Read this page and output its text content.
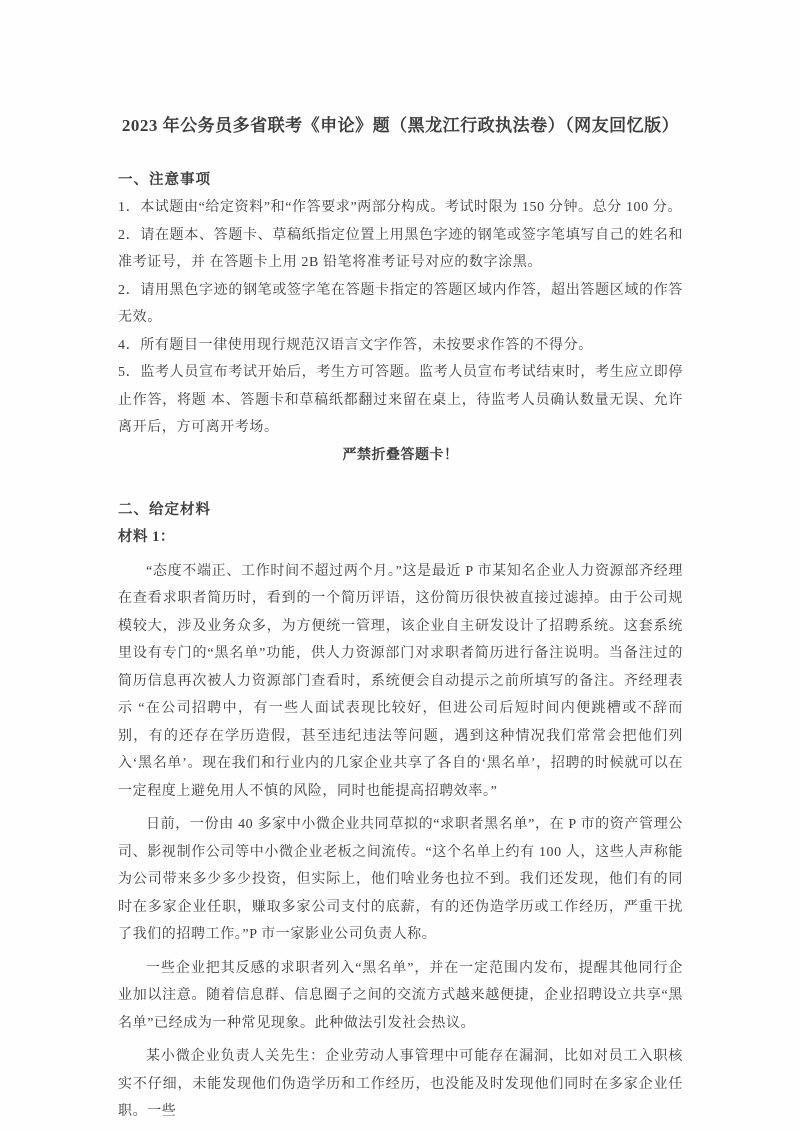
2023 年公务员多省联考《申论》题（黑龙江行政执法卷）（网友回忆版）
一、注意事项

1．本试题由“给定资料”和“作答要求”两部分构成。考试时限为 150 分钟。总分 100 分。

2．请在题本、答题卡、草稿纸指定位置上用黑色字迹的钢笔或签字笔填写自己的姓名和准考证号，并 在答题卡上用 2B 铅笔将准考证号对应的数字涂黑。

2．请用黑色字迹的钢笔或签字笔在答题卡指定的答题区域内作答，超出答题区域的作答无效。

4．所有题目一律使用现行规范汉语言文字作答，未按要求作答的不得分。

5．监考人员宣布考试开始后，考生方可答题。监考人员宣布考试结束时，考生应立即停止作答，将题 本、答题卡和草稿纸都翻过来留在桌上，待监考人员确认数量无误、允许离开后，方可离开考场。

严禁折叠答题卡！

二、给定材料
材料 1：

“态度不端正、工作时间不超过两个月。”这是最近 P 市某知名企业人力资源部齐经理在查看求职者简历时，看到的一个简历评语，这份简历很快被直接过滤掉。由于公司规模较大，涉及业务众多，为方便统一管理，该企业自主研发设计了招聘系统。这套系统里设有专门的“黑名单”功能，供人力资源部门对求职者简历进行备注说明。当备注过的简历信息再次被人力资源部门查看时，系统便会自动提示之前所填写的备注。齐经理表示 “在公司招聘中，有一些人面试表现比较好，但进公司后短时间内便跳槽或不辞而别，有的还存在学历造假，甚至违纪违法等问题，遇到这种情况我们常常会把他们列入‘黑名单’。现在我们和行业内的几家企业共享了各自的‘黑名单’，招聘的时候就可以在一定程度上避免用人不慎的风险，同时也能提高招聘效率。”

日前，一份由 40 多家中小微企业共同草拟的“求职者黑名单”，在 P 市的资产管理公司、影视制作公司等中小微企业老板之间流传。“这个名单上约有 100 人，这些人声称能为公司带来多少多少投资，但实际上，他们啥业务也拉不到。我们还发现，他们有的同时在多家企业任职，赚取多家公司支付的底薪，有的还伪造学历或工作经历，严重干扰了我们的招聘工作。”P 市一家影业公司负责人称。

一些企业把其反感的求职者列入“黑名单”，并在一定范围内发布，提醒其他同行企业加以注意。随着信息群、信息圈子之间的交流方式越来越便捷，企业招聘设立共享“黑名单”已经成为一种常见现象。此种做法引发社会热议。

某小微企业负责人关先生：企业劳动人事管理中可能存在漏洞，比如对员工入职核实不仔细，未能发现他们伪造学历和工作经历，也没能及时发现他们同时在多家企业任职。一些
